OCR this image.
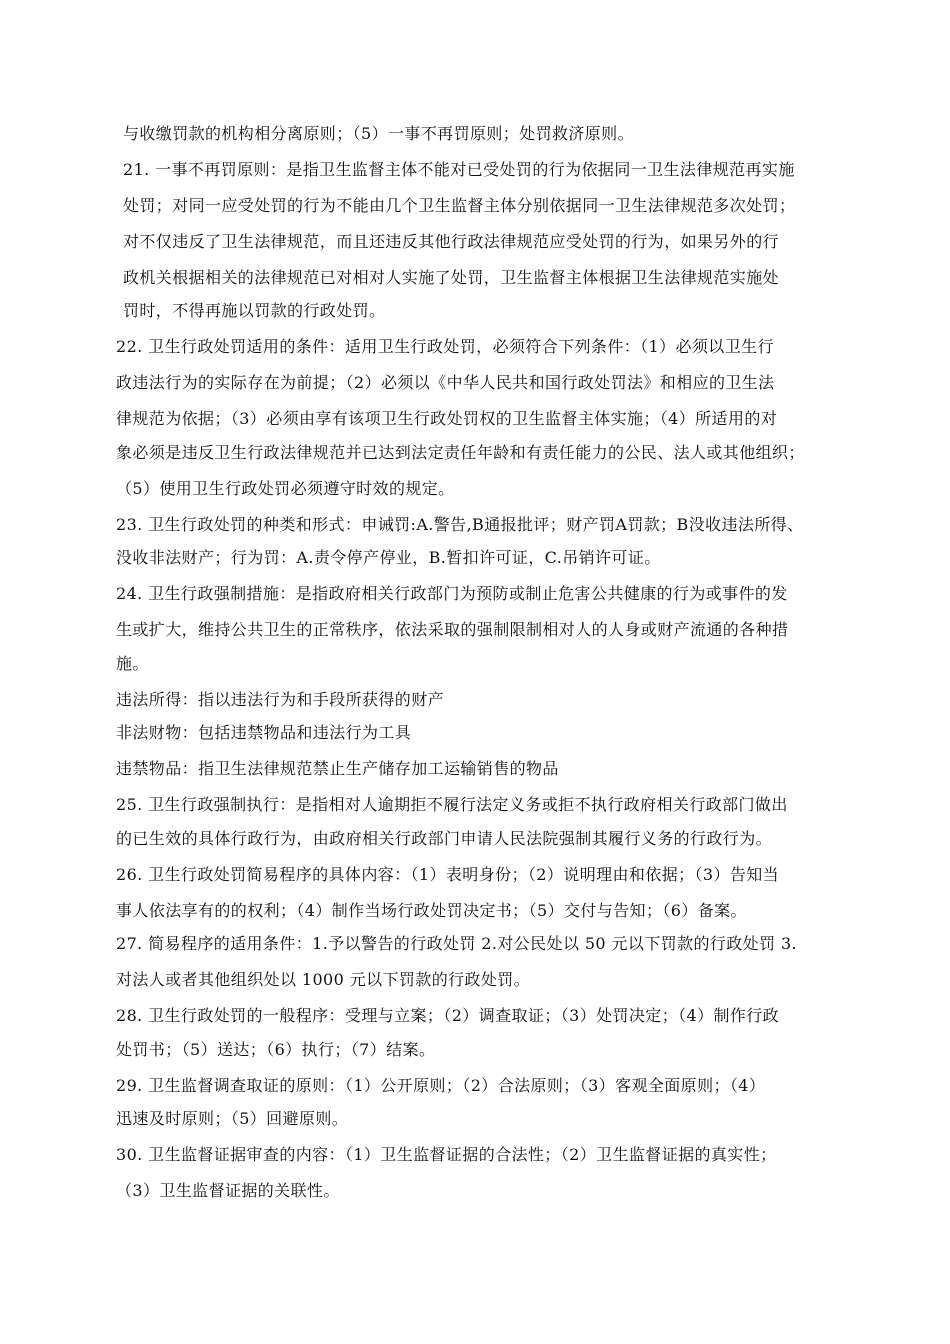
与收缴罚款的机构相分离原则；（5）一事不再罚原则；处罚救济原则。
21. 一事不再罚原则：是指卫生监督主体不能对已受处罚的行为依据同一卫生法律规范再实施
处罚；对同一应受处罚的行为不能由几个卫生监督主体分别依据同一卫生法律规范多次处罚；
对不仅违反了卫生法律规范，而且还违反其他行政法律规范应受处罚的行为，如果另外的行
政机关根据相关的法律规范已对相对人实施了处罚，卫生监督主体根据卫生法律规范实施处
罚时，不得再施以罚款的行政处罚。
22. 卫生行政处罚适用的条件：适用卫生行政处罚，必须符合下列条件：（1）必须以卫生行
政违法行为的实际存在为前提；（2）必须以《中华人民共和国行政处罚法》和相应的卫生法
律规范为依据；（3）必须由享有该项卫生行政处罚权的卫生监督主体实施；（4）所适用的对
象必须是违反卫生行政法律规范并已达到法定责任年龄和有责任能力的公民、法人或其他组织；
（5）使用卫生行政处罚必须遵守时效的规定。
23. 卫生行政处罚的种类和形式：申诫罚:A.警告,B通报批评；财产罚A罚款；B没收违法所得、
没收非法财产；行为罚：A.责令停产停业，B.暂扣许可证，C.吊销许可证。
24. 卫生行政强制措施：是指政府相关行政部门为预防或制止危害公共健康的行为或事件的发
生或扩大，维持公共卫生的正常秩序，依法采取的强制限制相对人的人身或财产流通的各种措
施。
违法所得：指以违法行为和手段所获得的财产
非法财物：包括违禁物品和违法行为工具
违禁物品：指卫生法律规范禁止生产储存加工运输销售的物品
25. 卫生行政强制执行：是指相对人逾期拒不履行法定义务或拒不执行政府相关行政部门做出
的已生效的具体行政行为，由政府相关行政部门申请人民法院强制其履行义务的行政行为。
26. 卫生行政处罚简易程序的具体内容：（1）表明身份；（2）说明理由和依据；（3）告知当
事人依法享有的的权利；（4）制作当场行政处罚决定书；（5）交付与告知；（6）备案。
27. 简易程序的适用条件：1.予以警告的行政处罚 2.对公民处以 50 元以下罚款的行政处罚 3.
对法人或者其他组织处以 1000 元以下罚款的行政处罚。
28. 卫生行政处罚的一般程序：受理与立案；（2）调查取证；（3）处罚决定；（4）制作行政
处罚书；（5）送达；（6）执行；（7）结案。
29. 卫生监督调查取证的原则：（1）公开原则；（2）合法原则；（3）客观全面原则；（4）
迅速及时原则；（5）回避原则。
30. 卫生监督证据审查的内容：（1）卫生监督证据的合法性；（2）卫生监督证据的真实性；
（3）卫生监督证据的关联性。
